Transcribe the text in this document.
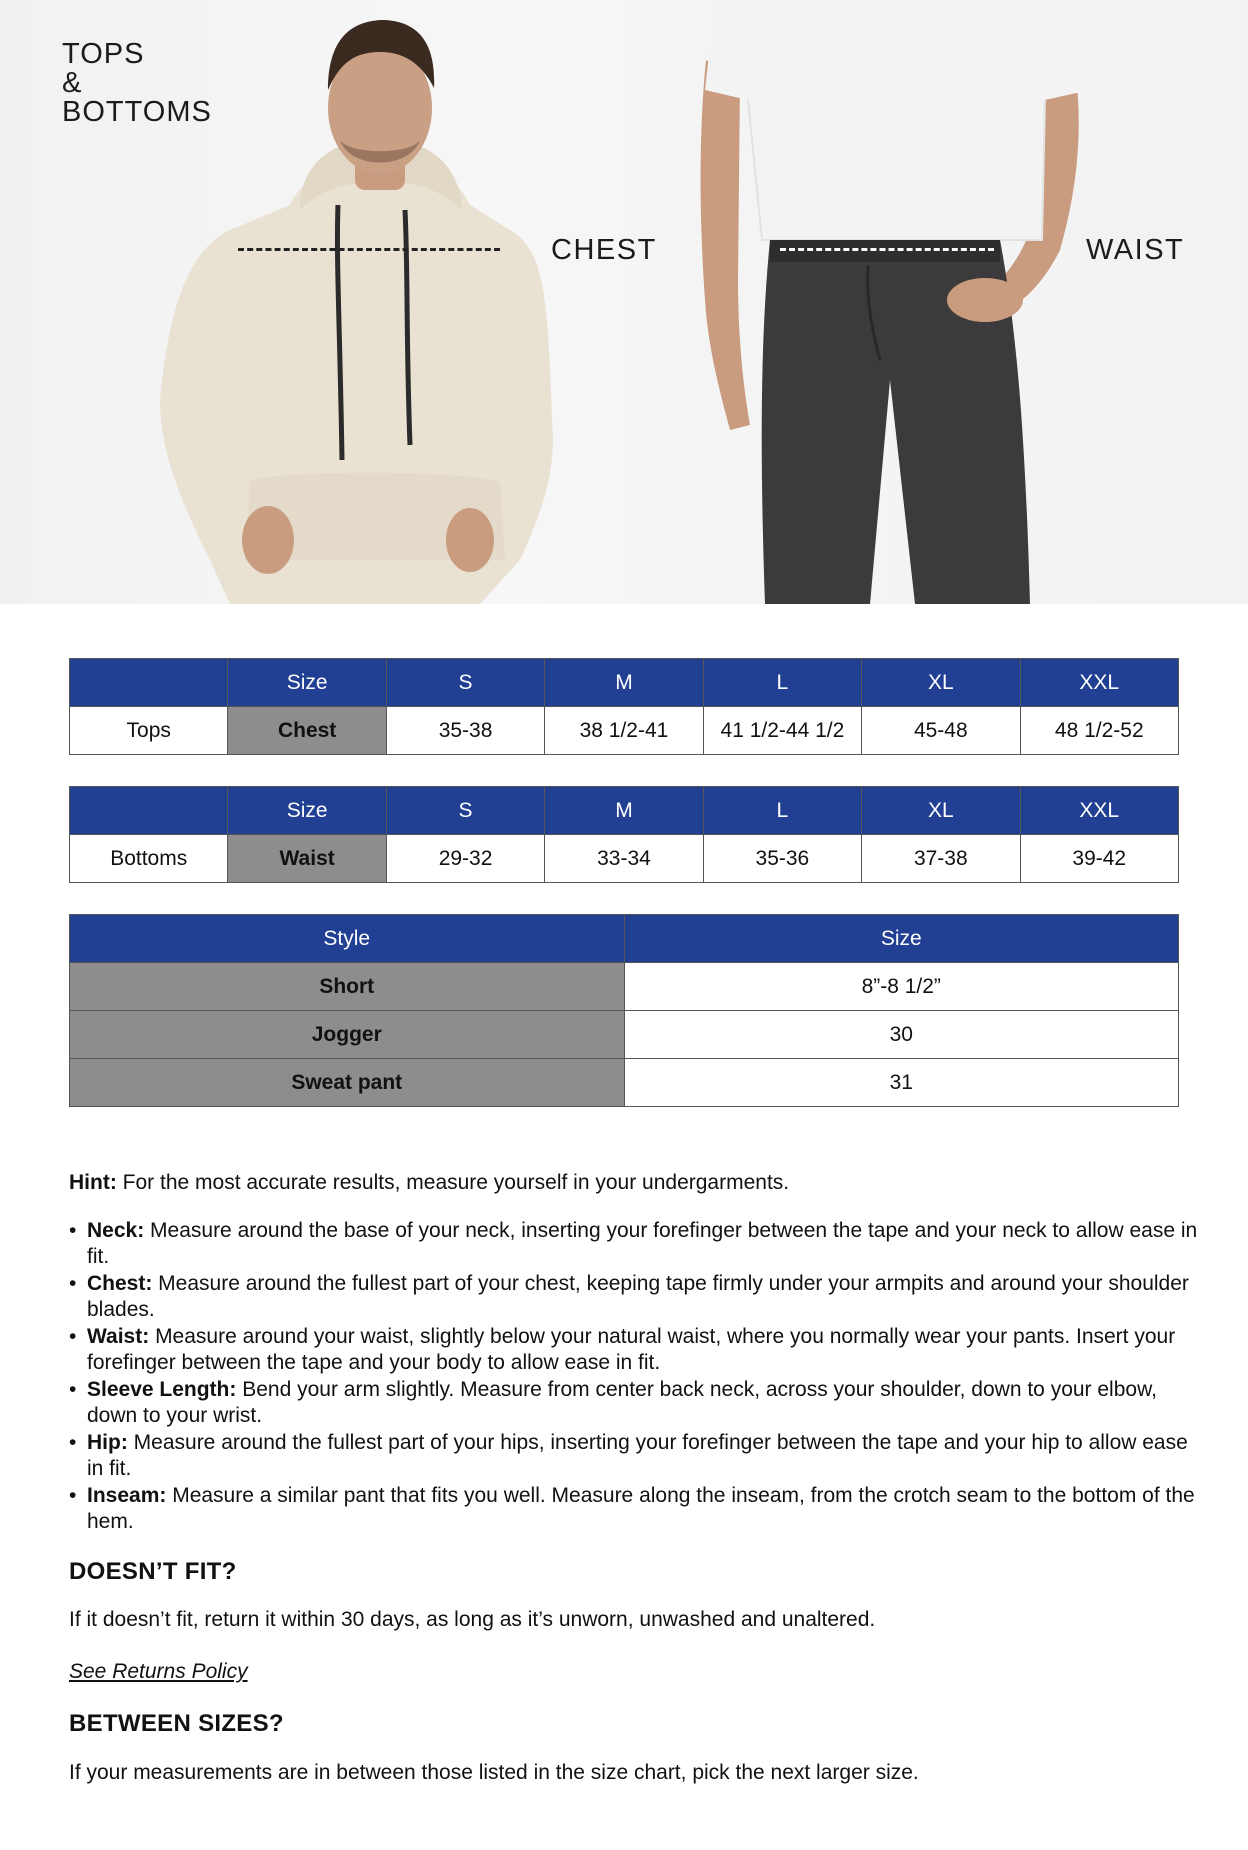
TOPS
&
BOTTOMS
CHEST	WAIST
	Size	S	M	L	XL	XXL
Tops	Chest	35-38	38 1/2-41	41 1/2-44 1/2	45-48	48 1/2-52
	Size	S	M	L	XL	XXL
Bottoms	Waist	29-32	33-34	35-36	37-38	39-42
Style	Size
Short	8”-8 1/2”
Jogger	30
Sweat pant	31

Hint: For the most accurate results, measure yourself in your undergarments.

• Neck: Measure around the base of your neck, inserting your forefinger between the tape and your neck to allow ease in fit.
• Chest: Measure around the fullest part of your chest, keeping tape firmly under your armpits and around your shoulder blades.
• Waist: Measure around your waist, slightly below your natural waist, where you normally wear your pants. Insert your forefinger between the tape and your body to allow ease in fit.
• Sleeve Length: Bend your arm slightly. Measure from center back neck, across your shoulder, down to your elbow, down to your wrist.
• Hip: Measure around the fullest part of your hips, inserting your forefinger between the tape and your hip to allow ease in fit.
• Inseam: Measure a similar pant that fits you well. Measure along the inseam, from the crotch seam to the bottom of the hem.
DOESN’T FIT?

If it doesn’t fit, return it within 30 days, as long as it’s unworn, unwashed and unaltered.

See Returns Policy
BETWEEN SIZES?

If your measurements are in between those listed in the size chart, pick the next larger size.
